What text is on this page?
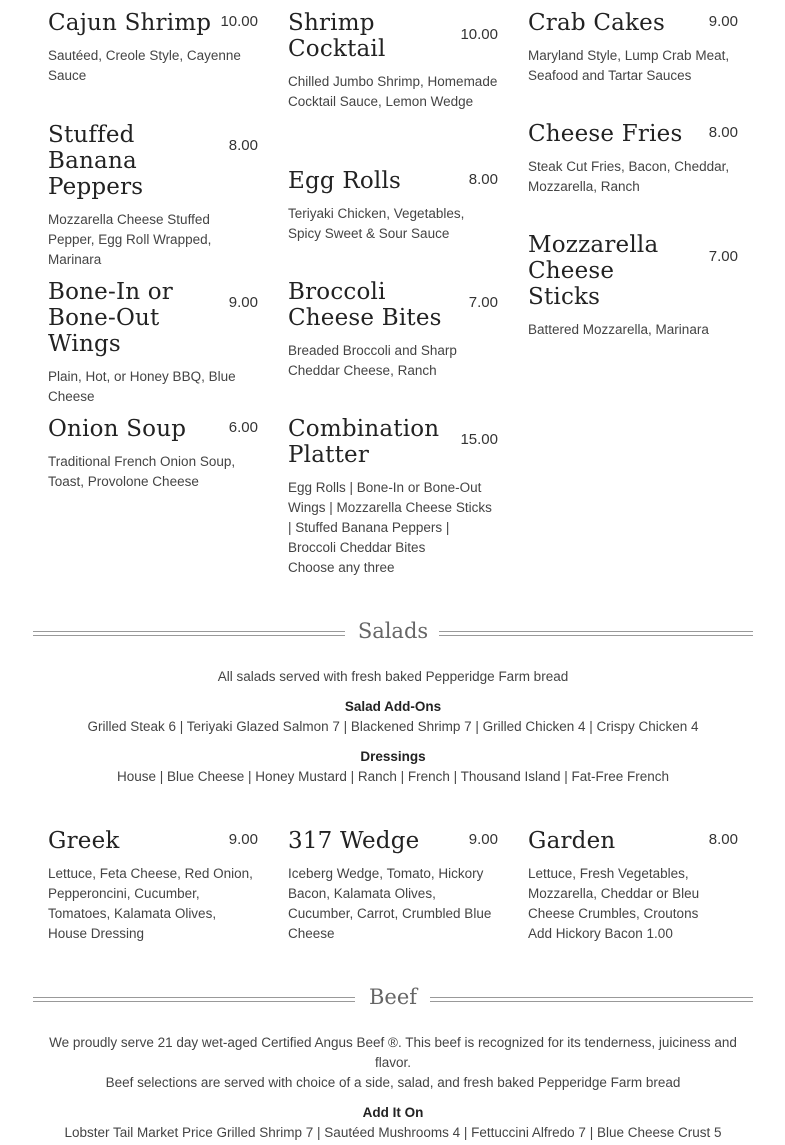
Cajun Shrimp 10.00
Sautéed, Creole Style, Cayenne Sauce
Stuffed Banana Peppers
8.00
Mozzarella Cheese Stuffed Pepper, Egg Roll Wrapped, Marinara
Bone-In or Bone-Out Wings
9.00
Plain, Hot, or Honey BBQ, Blue Cheese
Onion Soup	6.00
Traditional French Onion Soup, Toast, Provolone Cheese
Shrimp Cocktail
10.00
Chilled Jumbo Shrimp, Homemade Cocktail Sauce, Lemon Wedge
Egg Rolls	8.00
Teriyaki Chicken, Vegetables, Spicy Sweet & Sour Sauce
Broccoli Cheese Bites
7.00
Breaded Broccoli and Sharp Cheddar Cheese, Ranch
Combination Platter
15.00
Egg Rolls | Bone-In or Bone-Out Wings | Mozzarella Cheese Sticks | Stuffed Banana Peppers | Broccoli Cheddar Bites
Choose any three
Crab Cakes	9.00
Maryland Style, Lump Crab Meat, Seafood and Tartar Sauces
Cheese Fries	8.00
Steak Cut Fries, Bacon, Cheddar, Mozzarella, Ranch
Mozzarella Cheese Sticks
7.00
Battered Mozzarella, Marinara
Salads
All salads served with fresh baked Pepperidge Farm bread
Salad Add-Ons
Grilled Steak 6 | Teriyaki Glazed Salmon 7 | Blackened Shrimp 7 | Grilled Chicken 4 | Crispy Chicken 4
Dressings
House | Blue Cheese | Honey Mustard | Ranch | French | Thousand Island | Fat-Free French
Greek	9.00
Lettuce, Feta Cheese, Red Onion, Pepperoncini, Cucumber, Tomatoes, Kalamata Olives, House Dressing
317 Wedge	9.00
Iceberg Wedge, Tomato, Hickory Bacon, Kalamata Olives, Cucumber, Carrot, Crumbled Blue Cheese
Garden	8.00
Lettuce, Fresh Vegetables, Mozzarella, Cheddar or Bleu Cheese Crumbles, Croutons
Add Hickory Bacon 1.00
Beef
We proudly serve 21 day wet-aged Certified Angus Beef ®. This beef is recognized for its tenderness, juiciness and flavor.
Beef selections are served with choice of a side, salad, and fresh baked Pepperidge Farm bread
Add It On
Lobster Tail Market Price Grilled Shrimp 7 | Sautéed Mushrooms 4 | Fettuccini Alfredo 7 | Blue Cheese Crust 5
